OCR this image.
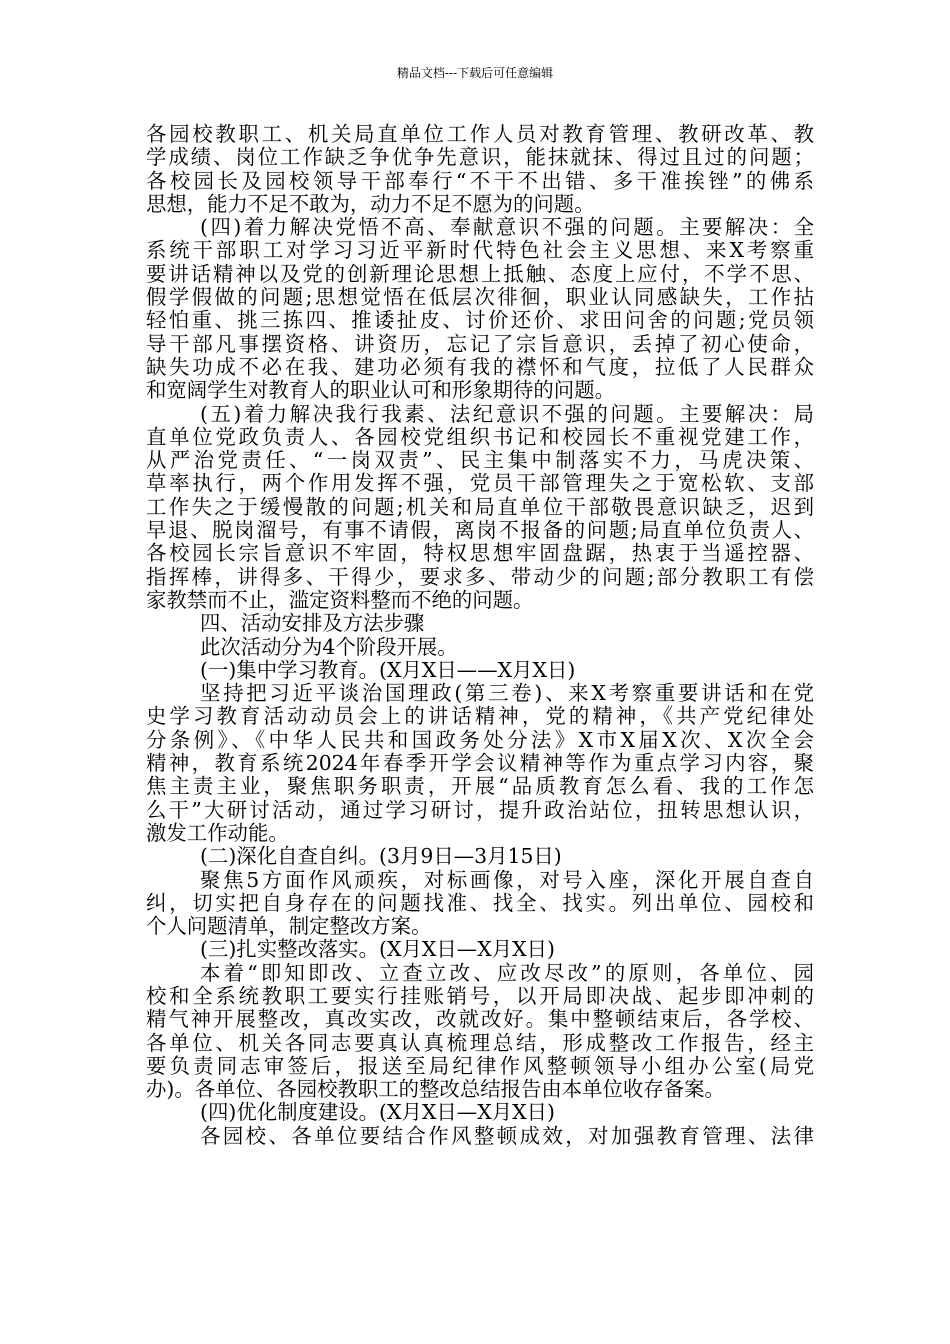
精品文档---下载后可任意编辑
各园校教职工、机关局直单位工作人员对教育管理、教研改革、教
学成绩、岗位工作缺乏争优争先意识，能抹就抹、得过且过的问题；
各校园长及园校领导干部奉行“不干不出错、多干准挨锉”的佛系
思想，能力不足不敢为，动力不足不愿为的问题。
(四)着力解决党悟不高、奉献意识不强的问题。主要解决：全
系统干部职工对学习习近平新时代特色社会主义思想、来X考察重
要讲话精神以及党的创新理论思想上抵触、态度上应付，不学不思、
假学假做的问题;思想觉悟在低层次徘徊，职业认同感缺失，工作拈
轻怕重、挑三拣四、推诿扯皮、讨价还价、求田问舍的问题;党员领
导干部凡事摆资格、讲资历，忘记了宗旨意识，丢掉了初心使命，
缺失功成不必在我、建功必须有我的襟怀和气度，拉低了人民群众
和宽阔学生对教育人的职业认可和形象期待的问题。
(五)着力解决我行我素、法纪意识不强的问题。主要解决：局
直单位党政负责人、各园校党组织书记和校园长不重视党建工作，
从严治党责任、“一岗双责”、民主集中制落实不力，马虎决策、
草率执行，两个作用发挥不强，党员干部管理失之于宽松软、支部
工作失之于缓慢散的问题;机关和局直单位干部敬畏意识缺乏，迟到
早退、脱岗溜号，有事不请假，离岗不报备的问题;局直单位负责人、
各校园长宗旨意识不牢固，特权思想牢固盘踞，热衷于当遥控器、
指挥棒，讲得多、干得少，要求多、带动少的问题;部分教职工有偿
家教禁而不止，滥定资料整而不绝的问题。
四、活动安排及方法步骤
此次活动分为4个阶段开展。
(一)集中学习教育。(X月X日——X月X日)
坚持把习近平谈治国理政(第三卷)、来X考察重要讲话和在党
史学习教育活动动员会上的讲话精神，党的精神，《共产党纪律处
分条例》、《中华人民共和国政务处分法》X市X届X次、X次全会
精神，教育系统2024年春季开学会议精神等作为重点学习内容，聚
焦主责主业，聚焦职务职责，开展“品质教育怎么看、我的工作怎
么干”大研讨活动，通过学习研讨，提升政治站位，扭转思想认识，
激发工作动能。
(二)深化自查自纠。(3月9日—3月15日)
聚焦5方面作风顽疾，对标画像，对号入座，深化开展自查自
纠，切实把自身存在的问题找准、找全、找实。列出单位、园校和
个人问题清单，制定整改方案。
(三)扎实整改落实。(X月X日—X月X日)
本着“即知即改、立查立改、应改尽改”的原则，各单位、园
校和全系统教职工要实行挂账销号，以开局即决战、起步即冲刺的
精气神开展整改，真改实改，改就改好。集中整顿结束后，各学校、
各单位、机关各同志要真认真梳理总结，形成整改工作报告，经主
要负责同志审签后，报送至局纪律作风整顿领导小组办公室(局党
办)。各单位、各园校教职工的整改总结报告由本单位收存备案。
(四)优化制度建设。(X月X日—X月X日)
各园校、各单位要结合作风整顿成效，对加强教育管理、法律
